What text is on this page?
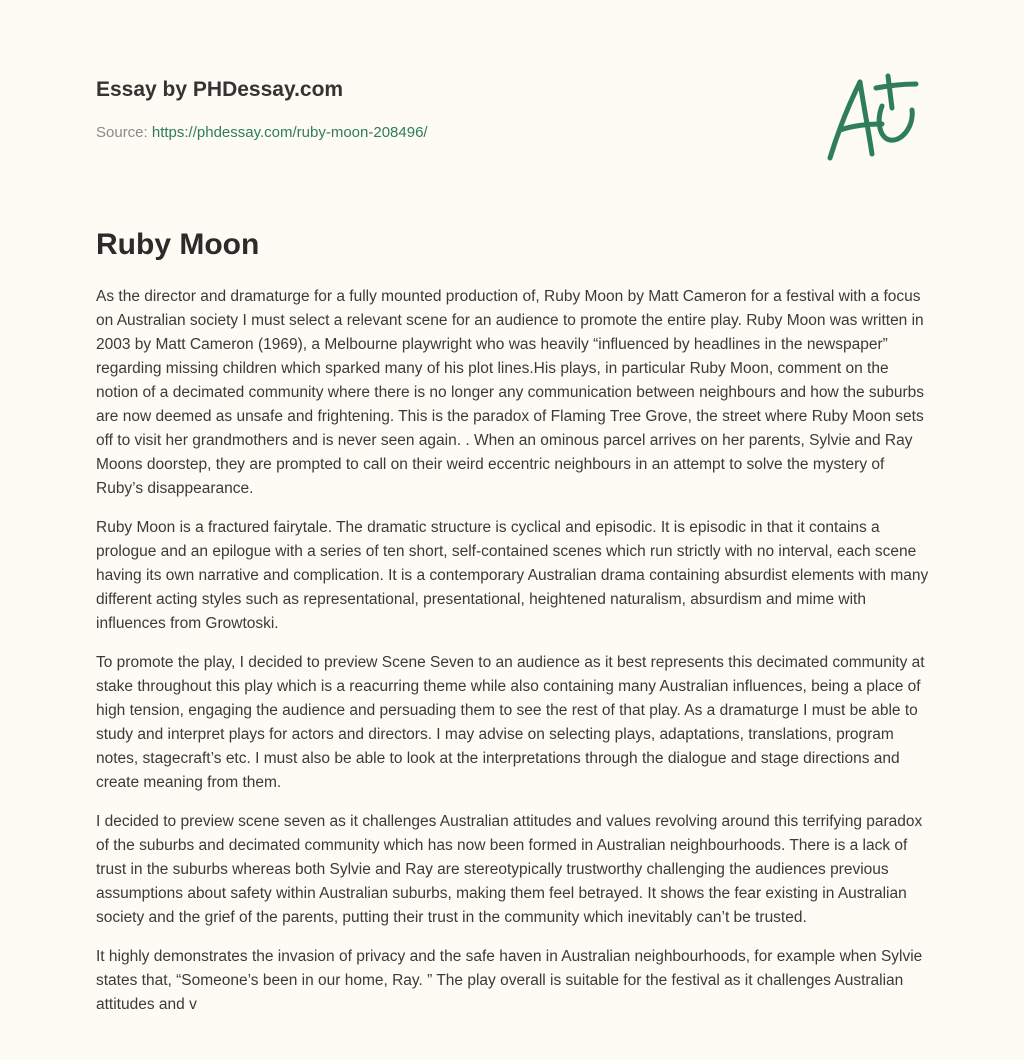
Essay by PHDessay.com
Source: https://phdessay.com/ruby-moon-208496/
Ruby Moon

As the director and dramaturge for a fully mounted production of, Ruby Moon by Matt Cameron for a festival with a focus on Australian society I must select a relevant scene for an audience to promote the entire play. Ruby Moon was written in 2003 by Matt Cameron (1969), a Melbourne playwright who was heavily “influenced by headlines in the newspaper” regarding missing children which sparked many of his plot lines.His plays, in particular Ruby Moon, comment on the notion of a decimated community where there is no longer any communication between neighbours and how the suburbs are now deemed as unsafe and frightening. This is the paradox of Flaming Tree Grove, the street where Ruby Moon sets off to visit her grandmothers and is never seen again. . When an ominous parcel arrives on her parents, Sylvie and Ray Moons doorstep, they are prompted to call on their weird eccentric neighbours in an attempt to solve the mystery of Ruby’s disappearance.

Ruby Moon is a fractured fairytale. The dramatic structure is cyclical and episodic. It is episodic in that it contains a prologue and an epilogue with a series of ten short, self-contained scenes which run strictly with no interval, each scene having its own narrative and complication. It is a contemporary Australian drama containing absurdist elements with many different acting styles such as representational, presentational, heightened naturalism, absurdism and mime with influences from Growtoski.

To promote the play, I decided to preview Scene Seven to an audience as it best represents this decimated community at stake throughout this play which is a reacurring theme while also containing many Australian influences, being a place of high tension, engaging the audience and persuading them to see the rest of that play. As a dramaturge I must be able to study and interpret plays for actors and directors. I may advise on selecting plays, adaptations, translations, program notes, stagecraft’s etc. I must also be able to look at the interpretations through the dialogue and stage directions and create meaning from them.

I decided to preview scene seven as it challenges Australian attitudes and values revolving around this terrifying paradox of the suburbs and decimated community which has now been formed in Australian neighbourhoods. There is a lack of trust in the suburbs whereas both Sylvie and Ray are stereotypically trustworthy challenging the audiences previous assumptions about safety within Australian suburbs, making them feel betrayed. It shows the fear existing in Australian society and the grief of the parents, putting their trust in the community which inevitably can’t be trusted.

It highly demonstrates the invasion of privacy and the safe haven in Australian neighbourhoods, for example when Sylvie states that, “Someone’s been in our home, Ray. ” The play overall is suitable for the festival as it challenges Australian attitudes and v
